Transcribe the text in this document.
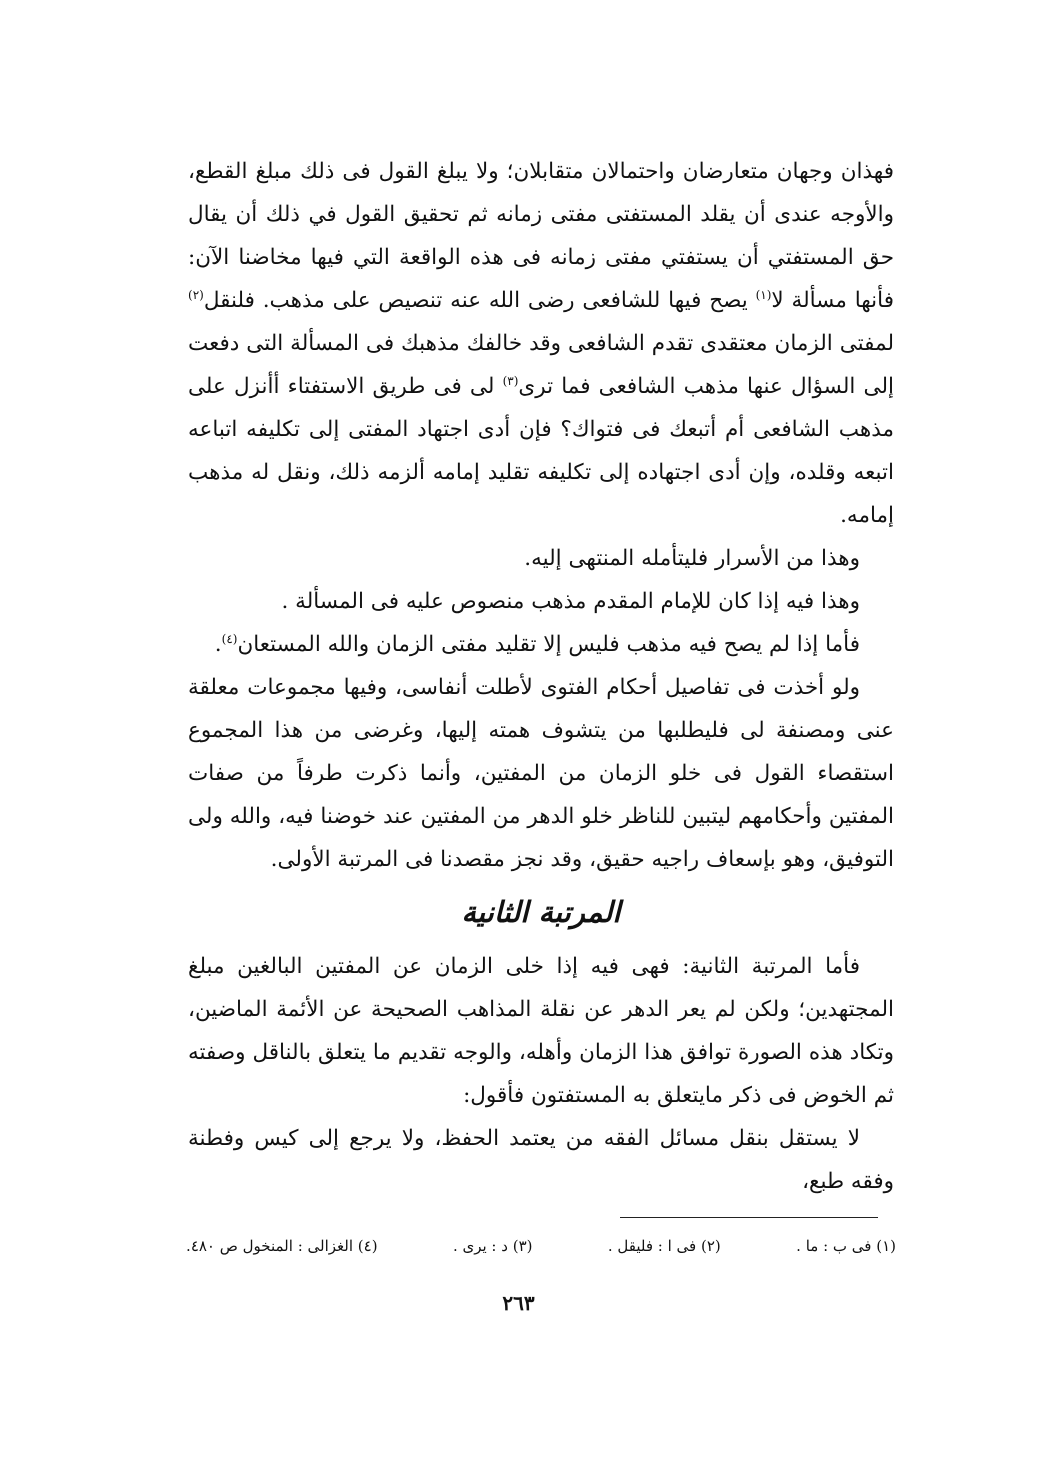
فهذان وجهان متعارضان واحتمالان متقابلان؛ ولا يبلغ القول فى ذلك مبلغ القطع، والأوجه عندى أن يقلد المستفتى مفتى زمانه ثم تحقيق القول في ذلك أن يقال حق المستفتي أن يستفتي مفتى زمانه فى هذه الواقعة التي فيها مخاضنا الآن: فأنها مسألة لا$^{(١)}$ يصح فيها للشافعى رضى الله عنه تنصيص على مذهب. فلنقل$^{(٢)}$ لمفتى الزمان معتقدى تقدم الشافعى وقد خالفك مذهبك فى المسألة التى دفعت إلى السؤال عنها مذهب الشافعى فما ترى$^{(٣)}$ لى فى طريق الاستفتاء أأنزل على مذهب الشافعى أم أتبعك فى فتواك؟ فإن أدى اجتهاد المفتى إلى تكليفه اتباعه اتبعه وقلده، وإن أدى اجتهاده إلى تكليفه تقليد إمامه ألزمه ذلك، ونقل له مذهب إمامه.

وهذا من الأسرار فليتأمله المنتهى إليه.

وهذا فيه إذا كان للإمام المقدم مذهب منصوص عليه فى المسألة .

فأما إذا لم يصح فيه مذهب فليس إلا تقليد مفتى الزمان والله المستعان$^{(٤)}$.

ولو أخذت فى تفاصيل أحكام الفتوى لأطلت أنفاسى، وفيها مجموعات معلقة عنى ومصنفة لى فليطلبها من يتشوف همته إليها، وغرضى من هذا المجموع استقصاء القول فى خلو الزمان من المفتين، وأنما ذكرت طرفاً من صفات المفتين وأحكامهم ليتبين للناظر خلو الدهر من المفتين عند خوضنا فيه، والله ولى التوفيق، وهو بإسعاف راجيه حقيق، وقد نجز مقصدنا فى المرتبة الأولى.

المرتبة الثانية

فأما المرتبة الثانية: فهى فيه إذا خلى الزمان عن المفتين البالغين مبلغ المجتهدين؛ ولكن لم يعر الدهر عن نقلة المذاهب الصحيحة عن الأئمة الماضين، وتكاد هذه الصورة توافق هذا الزمان وأهله، والوجه تقديم ما يتعلق بالناقل وصفته ثم الخوض فى ذكر مايتعلق به المستفتون فأقول:

لا يستقل بنقل مسائل الفقه من يعتمد الحفظ، ولا يرجع إلى كيس وفطنة وفقه طبع،

(١) فى ب : ما .
(٢) فى ا : فليقل .
(٣) د : يرى .
(٤) الغزالى : المنخول ص ٤٨٠.
٢٦٣
